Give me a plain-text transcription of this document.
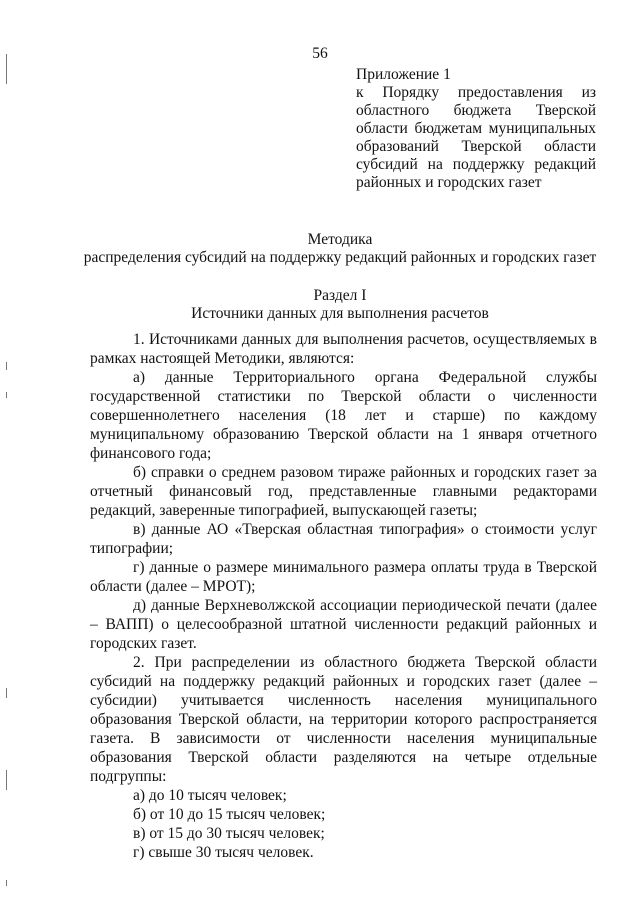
56
Приложение 1
к Порядку предоставления из областного бюджета Тверской области бюджетам муниципальных образований Тверской области субсидий на поддержку редакций районных и городских газет
Методика
распределения субсидий на поддержку редакций районных и городских газет
Раздел I
Источники данных для выполнения расчетов

1. Источниками данных для выполнения расчетов, осуществляемых в рамках настоящей Методики, являются:

а) данные Территориального органа Федеральной службы государственной статистики по Тверской области о численности совершеннолетнего населения (18 лет и старше) по каждому муниципальному образованию Тверской области на 1 января отчетного финансового года;

б) справки о среднем разовом тираже районных и городских газет за отчетный финансовый год, представленные главными редакторами редакций, заверенные типографией, выпускающей газеты;

в) данные АО «Тверская областная типография» о стоимости услуг типографии;

г) данные о размере минимального размера оплаты труда в Тверской области (далее – МРОТ);

д) данные Верхневолжской ассоциации периодической печати (далее – ВАПП) о целесообразной штатной численности редакций районных и городских газет.

2. При распределении из областного бюджета Тверской области субсидий на поддержку редакций районных и городских газет (далее – субсидии) учитывается численность населения муниципального образования Тверской области, на территории которого распространяется газета. В зависимости от численности населения муниципальные образования Тверской области разделяются на четыре отдельные подгруппы:

а) до 10 тысяч человек;

б) от 10 до 15 тысяч человек;

в) от 15 до 30 тысяч человек;

г) свыше 30 тысяч человек.
